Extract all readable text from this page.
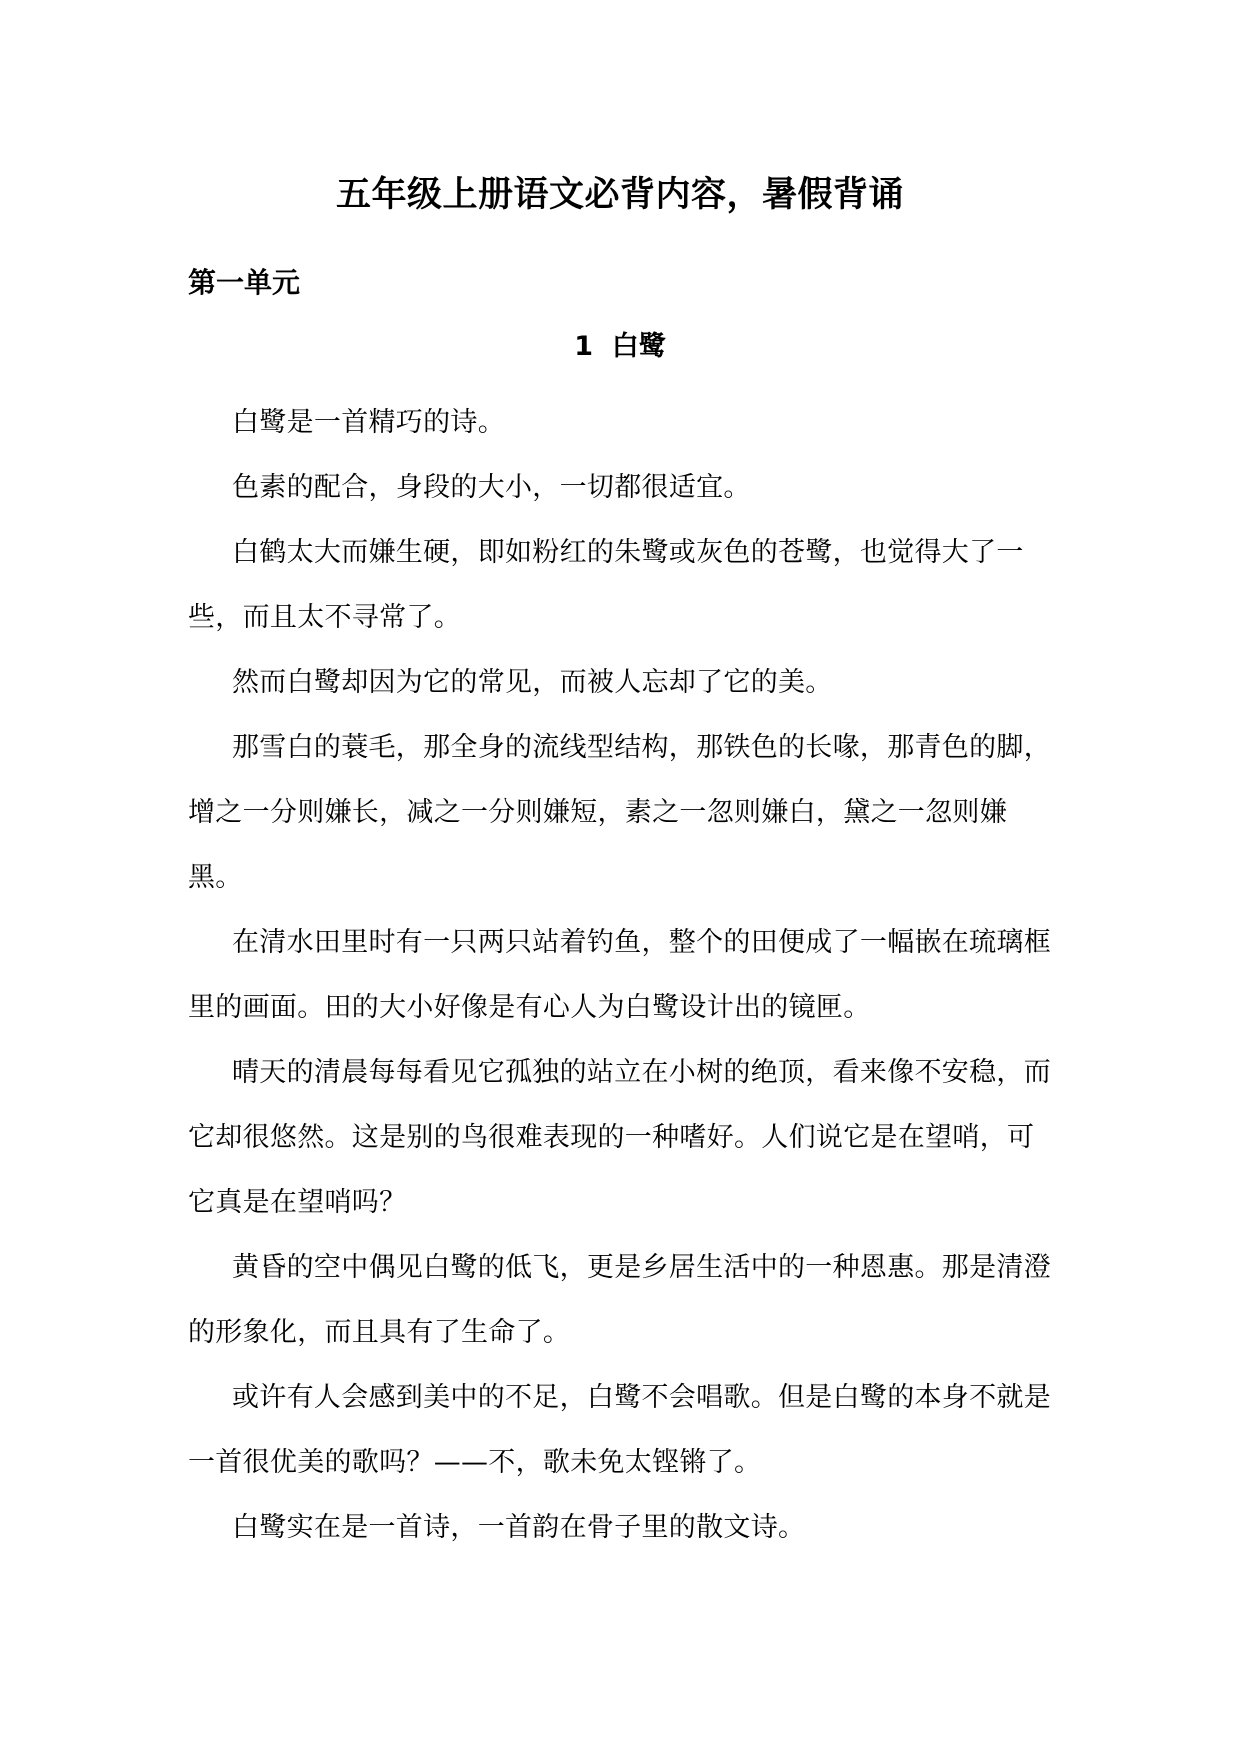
五年级上册语文必背内容，暑假背诵
第一单元
1  白鹭

白鹭是一首精巧的诗。

色素的配合，身段的大小，一切都很适宜。

白鹤太大而嫌生硬，即如粉红的朱鹭或灰色的苍鹭，也觉得大了一些，而且太不寻常了。

然而白鹭却因为它的常见，而被人忘却了它的美。

那雪白的蓑毛，那全身的流线型结构，那铁色的长喙，那青色的脚，增之一分则嫌长，减之一分则嫌短，素之一忽则嫌白，黛之一忽则嫌黑。

在清水田里时有一只两只站着钓鱼，整个的田便成了一幅嵌在琉璃框里的画面。田的大小好像是有心人为白鹭设计出的镜匣。

晴天的清晨每每看见它孤独的站立在小树的绝顶，看来像不安稳，而它却很悠然。这是别的鸟很难表现的一种嗜好。人们说它是在望哨，可它真是在望哨吗？

黄昏的空中偶见白鹭的低飞，更是乡居生活中的一种恩惠。那是清澄的形象化，而且具有了生命了。

或许有人会感到美中的不足，白鹭不会唱歌。但是白鹭的本身不就是一首很优美的歌吗？——不，歌未免太铿锵了。

白鹭实在是一首诗，一首韵在骨子里的散文诗。
